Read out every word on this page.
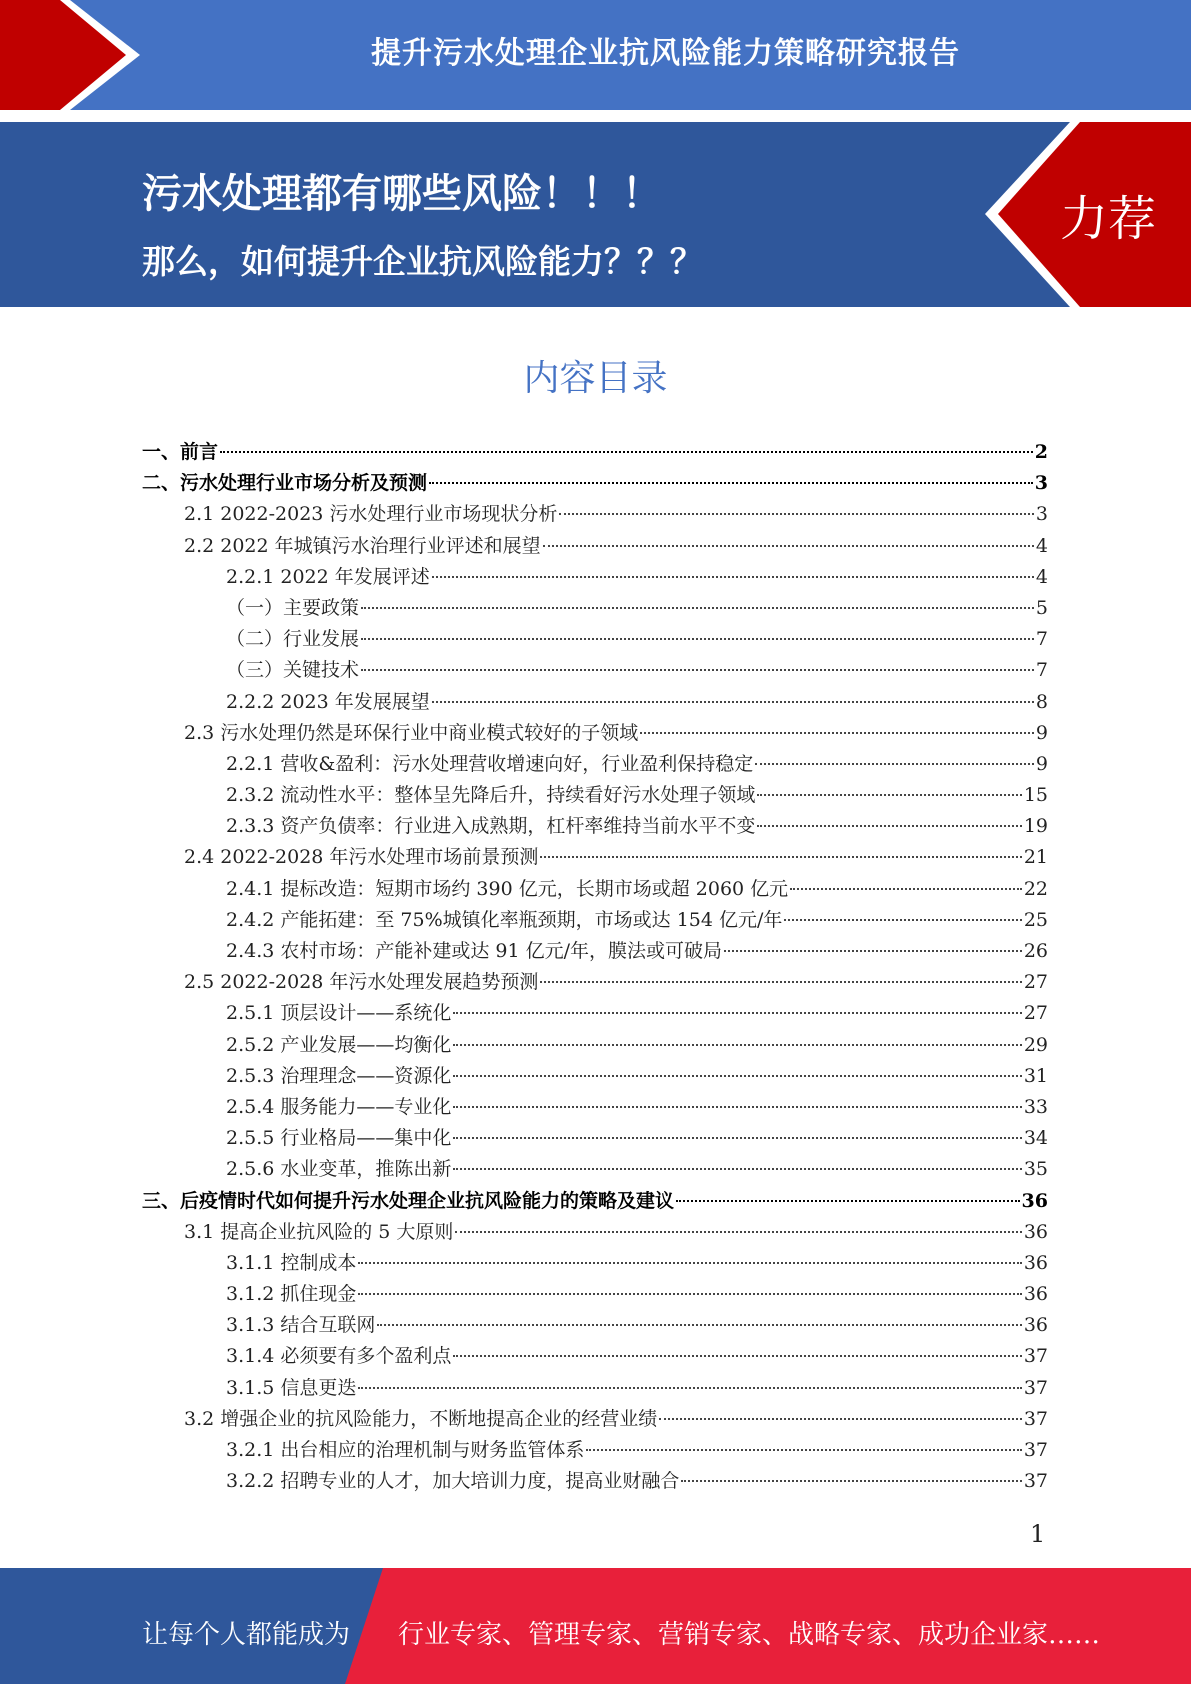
提升污水处理企业抗风险能力策略研究报告
污水处理都有哪些风险！！！
那么，如何提升企业抗风险能力？？？
力荐
内容目录
一、前言	2
二、污水处理行业市场分析及预测	3
2.1 2022-2023 污水处理行业市场现状分析	3
2.2 2022 年城镇污水治理行业评述和展望	4
2.2.1 2022 年发展评述	4
（一）主要政策	5
（二）行业发展	7
（三）关键技术	7
2.2.2 2023 年发展展望	8
2.3 污水处理仍然是环保行业中商业模式较好的子领域	9
2.2.1 营收&盈利：污水处理营收增速向好，行业盈利保持稳定	9
2.3.2 流动性水平：整体呈先降后升，持续看好污水处理子领域	15
2.3.3 资产负债率：行业进入成熟期，杠杆率维持当前水平不变	19
2.4 2022-2028 年污水处理市场前景预测	21
2.4.1 提标改造：短期市场约 390 亿元，长期市场或超 2060 亿元	22
2.4.2 产能拓建：至 75%城镇化率瓶颈期，市场或达 154 亿元/年	25
2.4.3 农村市场：产能补建或达 91 亿元/年，膜法或可破局	26
2.5 2022-2028 年污水处理发展趋势预测	27
2.5.1 顶层设计——系统化	27
2.5.2 产业发展——均衡化	29
2.5.3 治理理念——资源化	31
2.5.4 服务能力——专业化	33
2.5.5 行业格局——集中化	34
2.5.6 水业变革，推陈出新	35
三、后疫情时代如何提升污水处理企业抗风险能力的策略及建议	36
3.1 提高企业抗风险的 5 大原则	36
3.1.1 控制成本	36
3.1.2 抓住现金	36
3.1.3 结合互联网	36
3.1.4 必须要有多个盈利点	37
3.1.5 信息更迭	37
3.2 增强企业的抗风险能力，不断地提高企业的经营业绩	37
3.2.1 出台相应的治理机制与财务监管体系	37
3.2.2 招聘专业的人才，加大培训力度，提高业财融合	37
1
让每个人都能成为 行业专家、管理专家、营销专家、战略专家、成功企业家……
